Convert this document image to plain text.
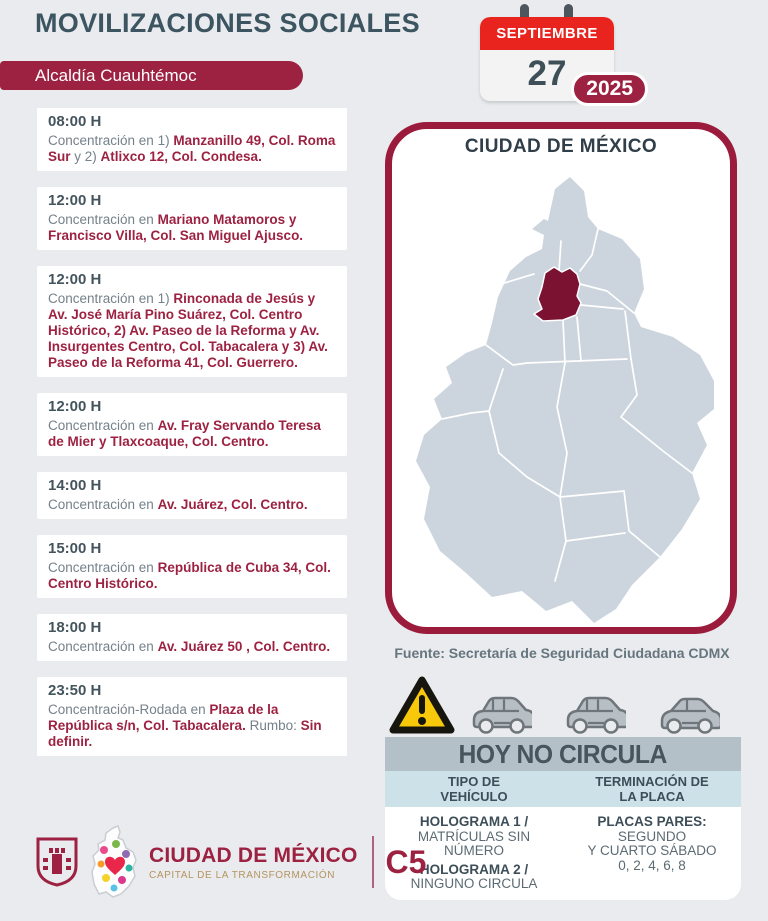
MOVILIZACIONES SOCIALES
Alcaldía Cuauhtémoc
SEPTIEMBRE
27 2025
08:00 H
Concentración en 1) Manzanillo 49, Col. Roma Sur y 2) Atlixco 12, Col. Condesa.
12:00 H
Concentración en Mariano Matamoros y Francisco Villa, Col. San Miguel Ajusco.
12:00 H
Concentración en 1) Rinconada de Jesús y Av. José María Pino Suárez, Col. Centro Histórico, 2) Av. Paseo de la Reforma y Av. Insurgentes Centro, Col. Tabacalera y 3) Av. Paseo de la Reforma 41, Col. Guerrero.
12:00 H
Concentración en Av. Fray Servando Teresa de Mier y Tlaxcoaque, Col. Centro.
14:00 H
Concentración en Av. Juárez, Col. Centro.
15:00 H
Concentración en República de Cuba 34, Col. Centro Histórico.
18:00 H
Concentración en Av. Juárez 50 , Col. Centro.
23:50 H
Concentración-Rodada en Plaza de la República s/n, Col. Tabacalera. Rumbo: Sin definir.
CIUDAD DE MÉXICO
Fuente: Secretaría de Seguridad Ciudadana CDMX
HOY NO CIRCULA
TIPO DE
VEHÍCULO
TERMINACIÓN DE
LA PLACA
HOLOGRAMA 1 /
MATRÍCULAS SIN
NÚMERO
HOLOGRAMA 2 /
NINGUNO CIRCULA
PLACAS PARES: SEGUNDO
Y CUARTO SÁBADO
0, 2, 4, 6, 8
CIUDAD DE MÉXICO
CAPITAL DE LA TRANSFORMACIÓN	C5
